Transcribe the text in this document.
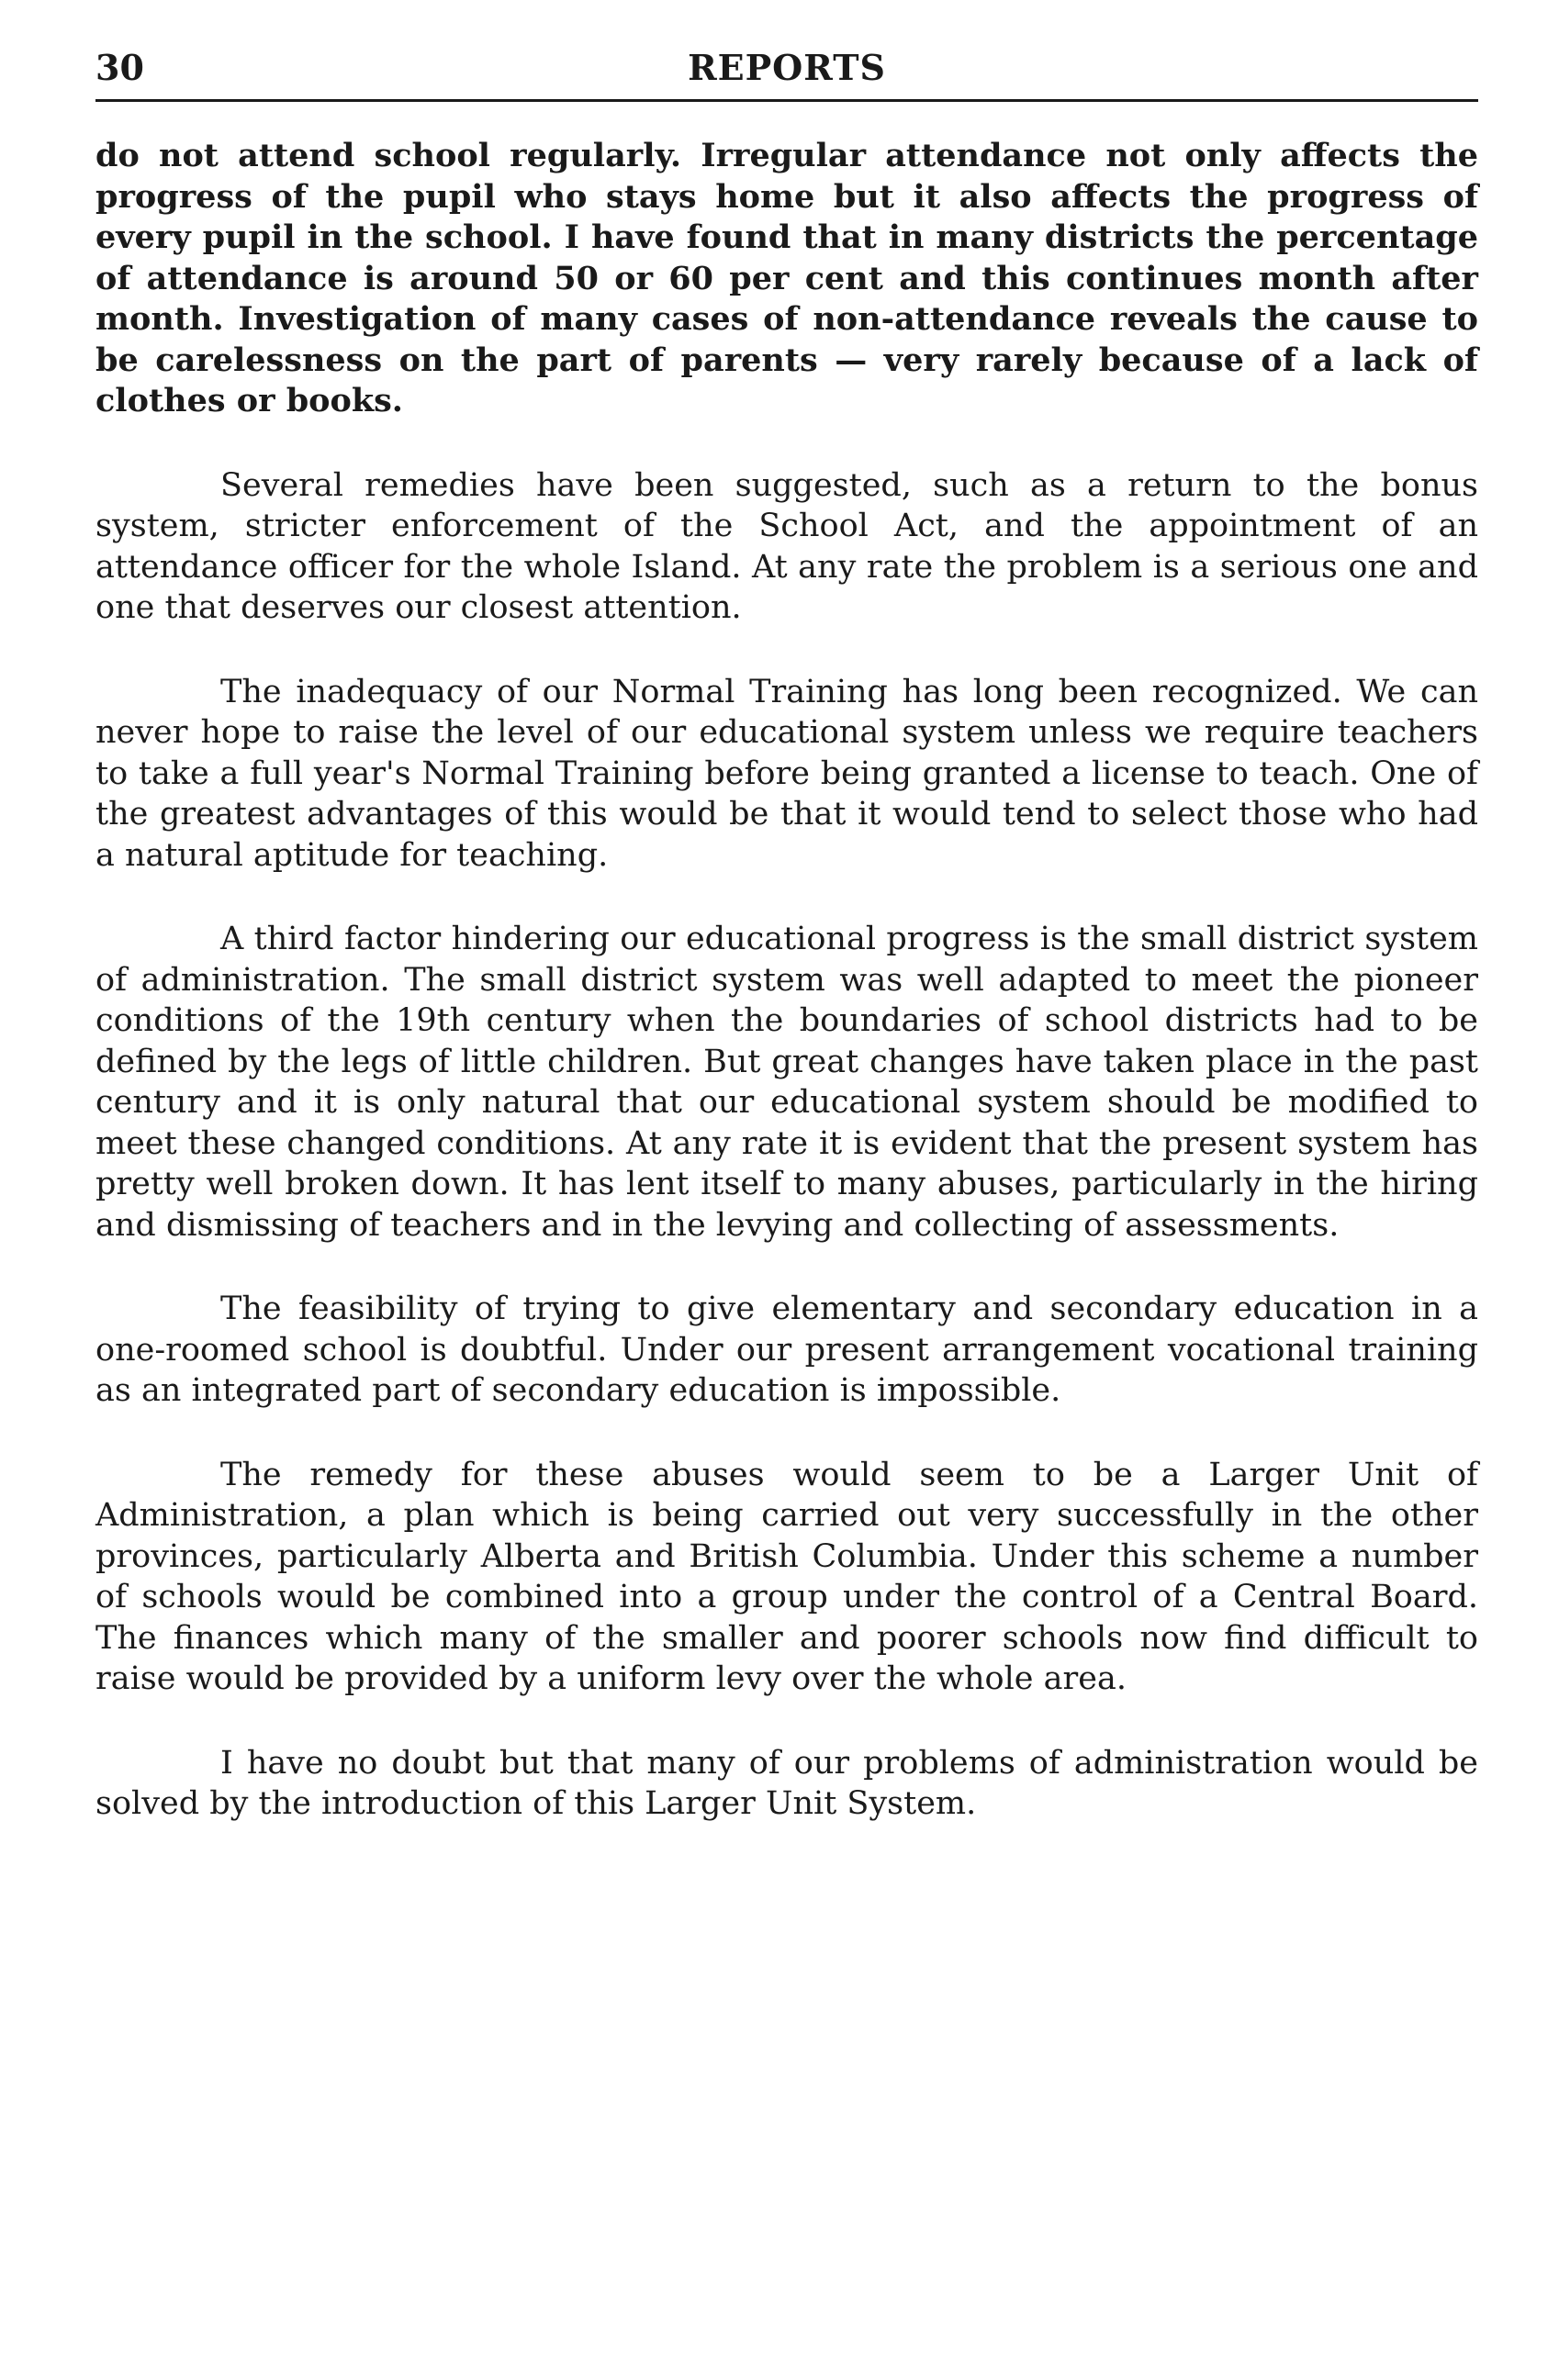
30	REPORTS

do not attend school regularly. Irregular attendance not only affects the progress of the pupil who stays home but it also affects the progress of every pupil in the school. I have found that in many districts the percentage of attendance is around 50 or 60 per cent and this continues month after month. Investigation of many cases of non-attendance reveals the cause to be carelessness on the part of parents — very rarely because of a lack of clothes or books.

Several remedies have been suggested, such as a return to the bonus system, stricter enforcement of the School Act, and the appointment of an attendance officer for the whole Island. At any rate the problem is a serious one and one that deserves our closest attention.

The inadequacy of our Normal Training has long been recognized. We can never hope to raise the level of our educational system unless we require teachers to take a full year's Normal Training before being granted a license to teach. One of the greatest advantages of this would be that it would tend to select those who had a natural aptitude for teaching.

A third factor hindering our educational progress is the small district system of administration. The small district system was well adapted to meet the pioneer conditions of the 19th century when the boundaries of school districts had to be defined by the legs of little children. But great changes have taken place in the past century and it is only natural that our educational system should be modified to meet these changed conditions. At any rate it is evident that the present system has pretty well broken down. It has lent itself to many abuses, particularly in the hiring and dismissing of teachers and in the levying and collecting of assessments.

The feasibility of trying to give elementary and secondary education in a one-roomed school is doubtful. Under our present arrangement vocational training as an integrated part of secondary education is impossible.

The remedy for these abuses would seem to be a Larger Unit of Administration, a plan which is being carried out very successfully in the other provinces, particularly Alberta and British Columbia. Under this scheme a number of schools would be combined into a group under the control of a Central Board. The finances which many of the smaller and poorer schools now find difficult to raise would be provided by a uniform levy over the whole area.

I have no doubt but that many of our problems of administration would be solved by the introduction of this Larger Unit System.
